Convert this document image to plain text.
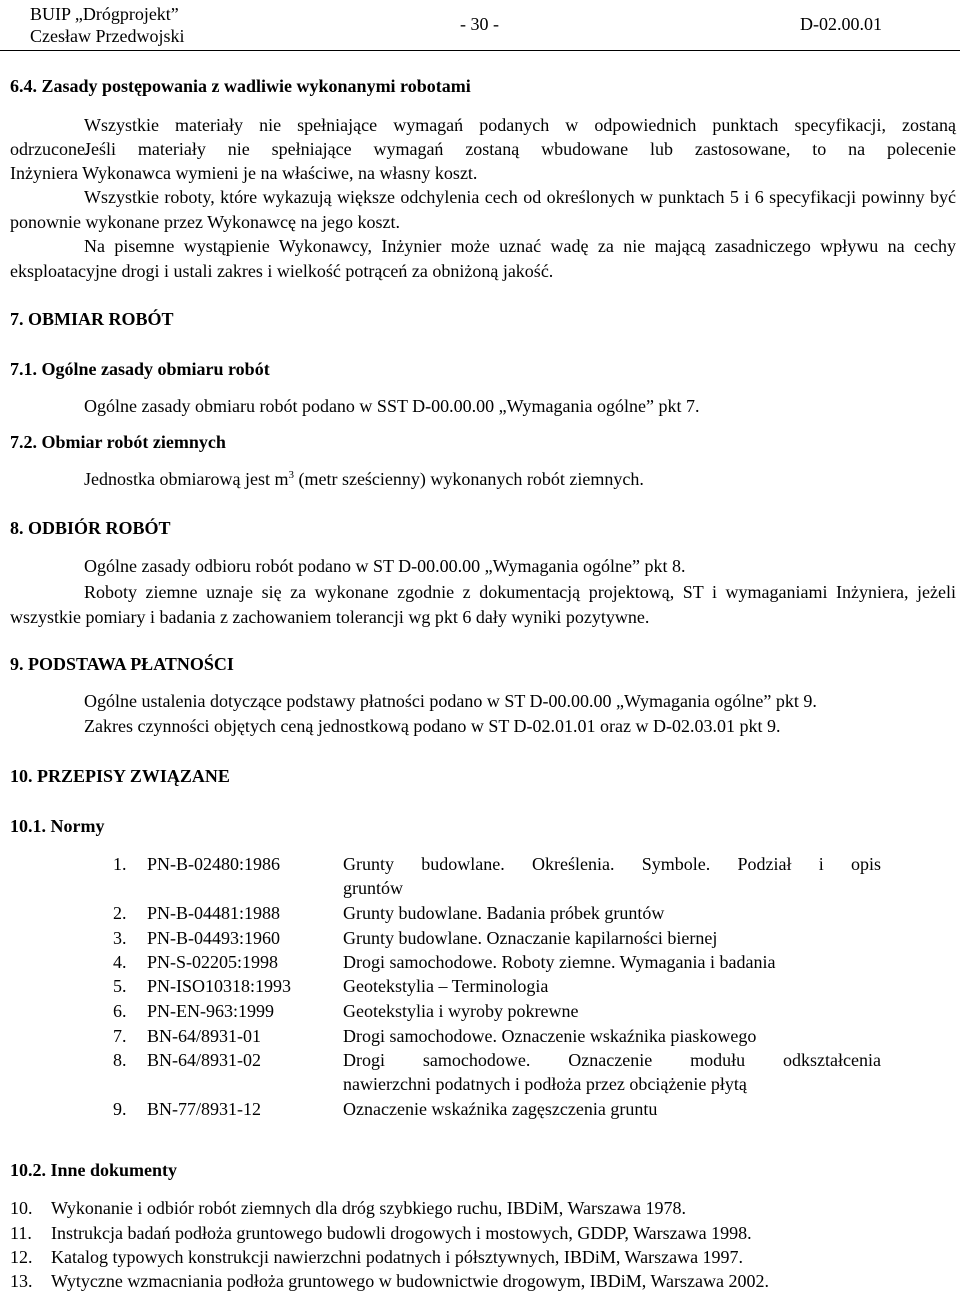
BUIP „Drógprojekt”
Czesław Przedwojski
- 30 -	D-02.00.01
6.4. Zasady postępowania z wadliwie wykonanymi robotami
Wszystkie materiały nie spełniające wymagań podanych w odpowiednich punktach specyfikacji, zostaną
odrzucone.
Jeśli materiały nie spełniające wymagań zostaną wbudowane lub zastosowane, to na polecenie
Inżyniera Wykonawca wymieni je na właściwe, na własny koszt.
Wszystkie roboty, które wykazują większe odchylenia cech od określonych w punktach 5 i 6 specyfikacji powinny być ponownie wykonane przez Wykonawcę na jego koszt.
Na pisemne wystąpienie Wykonawcy, Inżynier może uznać wadę za nie mającą zasadniczego wpływu na cechy eksploatacyjne drogi i ustali zakres i wielkość potrąceń za obniżoną jakość.
7. OBMIAR ROBÓT
7.1. Ogólne zasady obmiaru robót
Ogólne zasady obmiaru robót podano w SST D-00.00.00 „Wymagania ogólne” pkt 7.
7.2. Obmiar robót ziemnych
Jednostka obmiarową jest $m^3$ (metr sześcienny) wykonanych robót ziemnych.
8. ODBIÓR ROBÓT
Ogólne zasady odbioru robót podano w ST D-00.00.00 „Wymagania ogólne” pkt 8.
Roboty ziemne uznaje się za wykonane zgodnie z dokumentacją projektową, ST i wymaganiami Inżyniera, jeżeli wszystkie pomiary i badania z zachowaniem tolerancji wg pkt 6 dały wyniki pozytywne.
9. PODSTAWA PŁATNOŚCI
Ogólne ustalenia dotyczące podstawy płatności podano w ST D-00.00.00 „Wymagania ogólne” pkt 9.
Zakres czynności objętych ceną jednostkową podano w ST D-02.01.01 oraz w D-02.03.01 pkt 9.
10. PRZEPISY ZWIĄZANE
10.1. Normy
1. PN-B-02480:1986	Grunty budowlane. Określenia. Symbole. Podział i opis
gruntów
2. PN-B-04481:1988	Grunty budowlane. Badania próbek gruntów
3. PN-B-04493:1960	Grunty budowlane. Oznaczanie kapilarności biernej
4. PN-S-02205:1998	Drogi samochodowe. Roboty ziemne. Wymagania i badania
5. PN-ISO10318:1993	Geotekstylia – Terminologia
6. PN-EN-963:1999	Geotekstylia i wyroby pokrewne
7. BN-64/8931-01	Drogi samochodowe. Oznaczenie wskaźnika piaskowego
8. BN-64/8931-02	Drogi samochodowe. Oznaczenie modułu odkształcenia
nawierzchni podatnych i podłoża przez obciążenie płytą
9. BN-77/8931-12	Oznaczenie wskaźnika zagęszczenia gruntu
10.2. Inne dokumenty
10. Wykonanie i odbiór robót ziemnych dla dróg szybkiego ruchu, IBDiM, Warszawa 1978.
11. Instrukcja badań podłoża gruntowego budowli drogowych i mostowych, GDDP, Warszawa 1998.
12. Katalog typowych konstrukcji nawierzchni podatnych i półsztywnych, IBDiM, Warszawa 1997.
13. Wytyczne wzmacniania podłoża gruntowego w budownictwie drogowym, IBDiM, Warszawa 2002.
